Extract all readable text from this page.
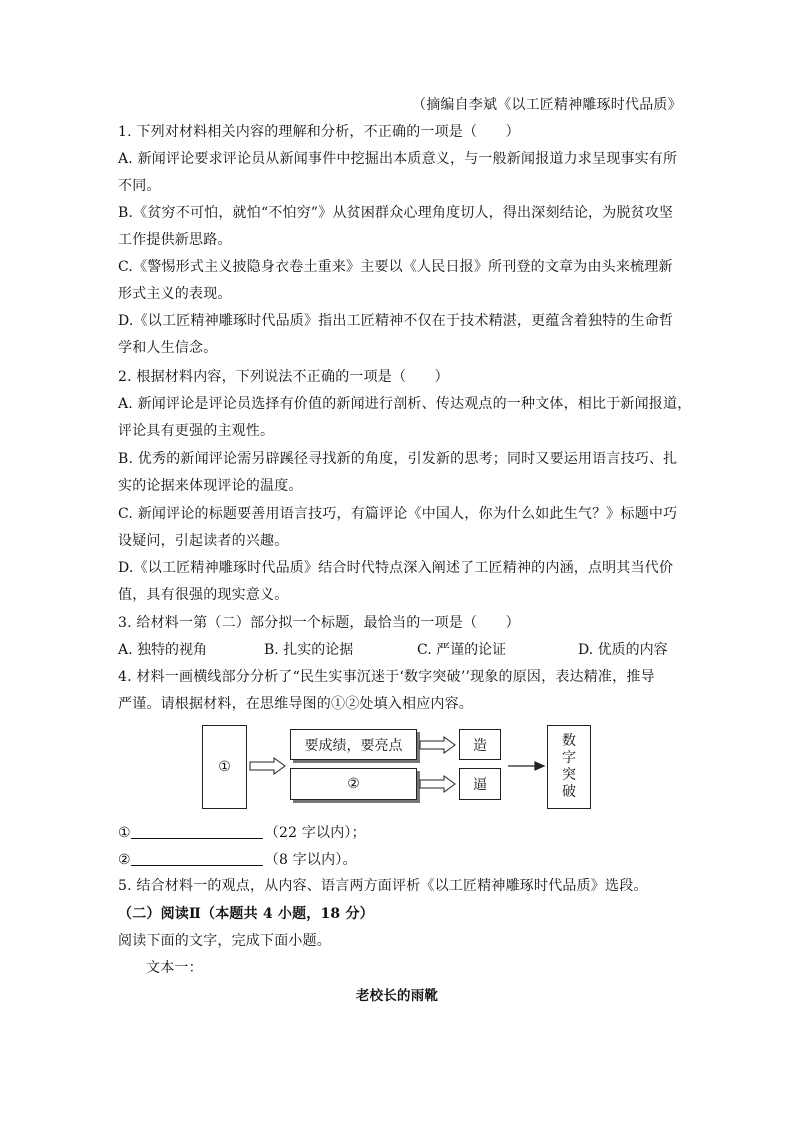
（摘编自李斌《以工匠精神雕琢时代品质》
1. 下列对材料相关内容的理解和分析，不正确的一项是（　　）
A. 新闻评论要求评论员从新闻事件中挖掘出本质意义，与一般新闻报道力求呈现事实有所
不同。
B.《贫穷不可怕，就怕“不怕穷”》从贫困群众心理角度切人，得出深刻结论，为脱贫攻坚
工作提供新思路。
C.《警惕形式主义披隐身衣卷土重来》主要以《人民日报》所刊登的文章为由头来梳理新
形式主义的表现。
D.《以工匠精神雕琢时代品质》指出工匠精神不仅在于技术精湛，更蕴含着独特的生命哲
学和人生信念。
2. 根据材料内容，下列说法不正确的一项是（　　）
A. 新闻评论是评论员选择有价值的新闻进行剖析、传达观点的一种文体，相比于新闻报道，
评论具有更强的主观性。
B. 优秀的新闻评论需另辟蹊径寻找新的角度，引发新的思考；同时又要运用语言技巧、扎
实的论据来体现评论的温度。
C. 新闻评论的标题要善用语言技巧，有篇评论《中国人，你为什么如此生气？》标题中巧
设疑问，引起读者的兴趣。
D.《以工匠精神雕琢时代品质》结合时代特点深入阐述了工匠精神的内涵，点明其当代价
值，具有很强的现实意义。
3. 给材料一第（二）部分拟一个标题，最恰当的一项是（　　）
A. 独特的视角	B. 扎实的论据	C. 严谨的论证	D. 优质的内容
4. 材料一画横线部分分析了“民生实事沉迷于‘数字突破’’现象的原因，表达精准，推导
严谨。请根据材料，在思维导图的①②处填入相应内容。
①
要成绩，要亮点
②
造
逼
数
字
突
破
①	（22 字以内）；
②	（8 字以内）。
5. 结合材料一的观点，从内容、语言两方面评析《以工匠精神雕琢时代品质》选段。
（二）阅读Ⅱ（本题共 4 小题，18 分）
阅读下面的文字，完成下面小题。
文本一：
老校长的雨靴
